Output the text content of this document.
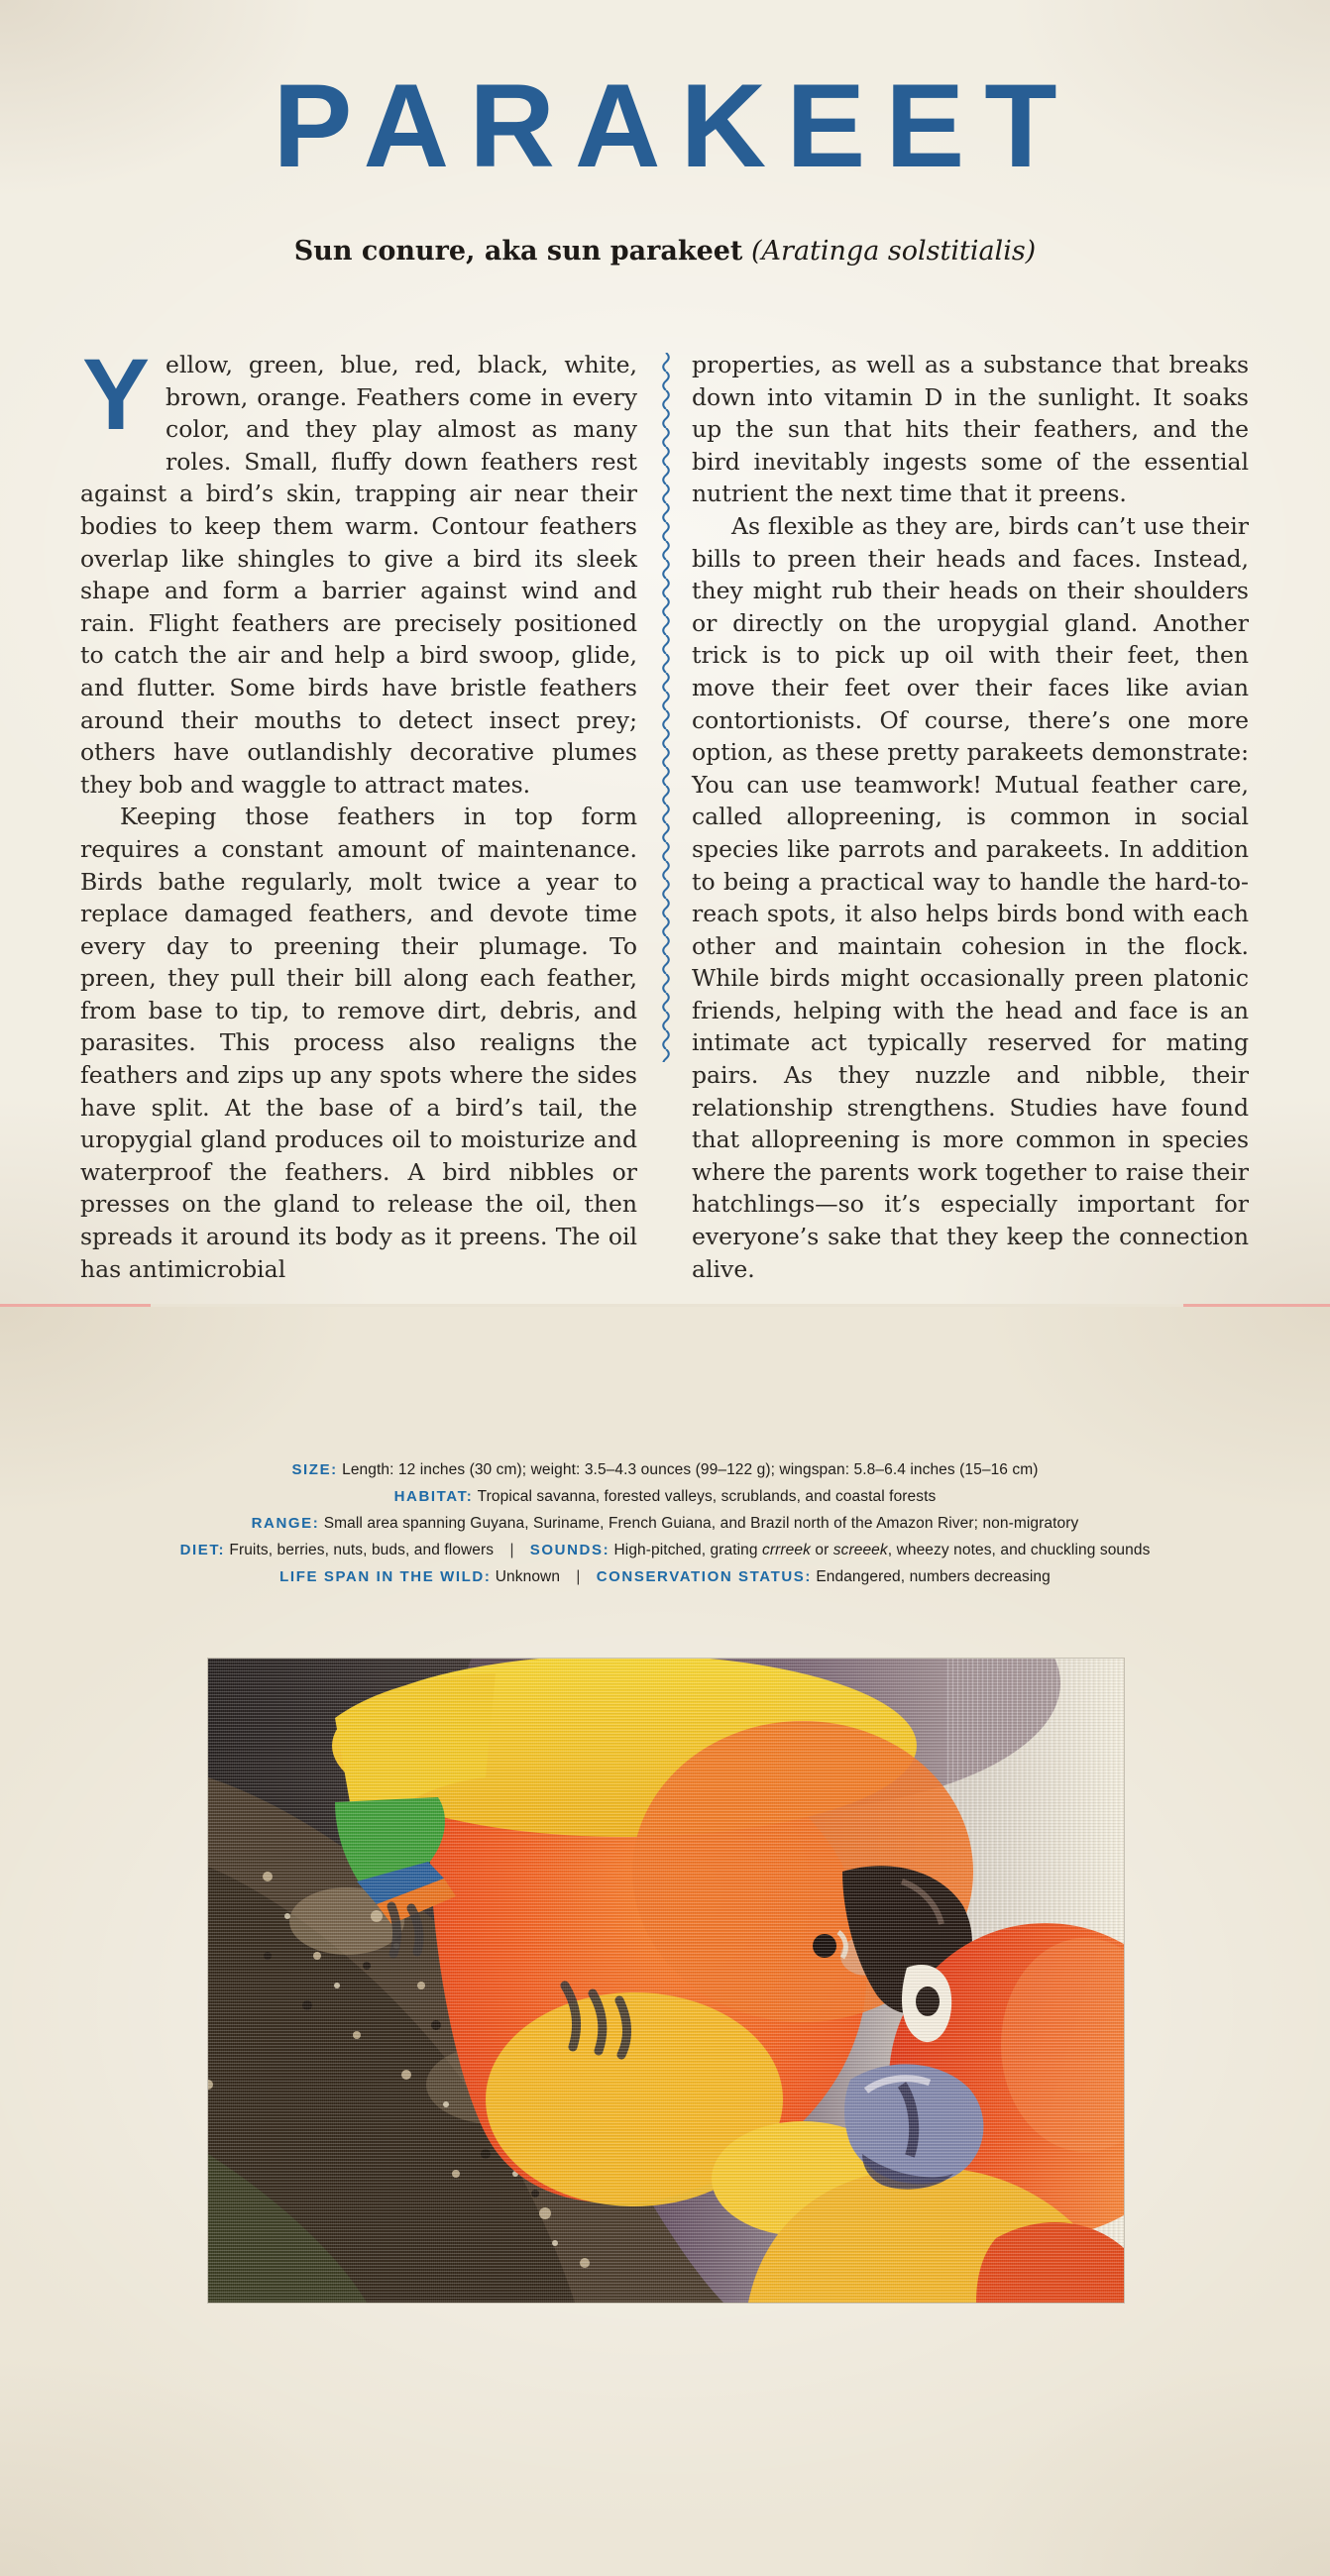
PARAKEET

Sun conure, aka sun parakeet (Aratinga solstitialis)

Yellow, green, blue, red, black, white, brown, orange. Feathers come in every color, and they play almost as many roles. Small, fluffy down feathers rest against a bird’s skin, trapping air near their bodies to keep them warm. Contour feathers overlap like shingles to give a bird its sleek shape and form a barrier against wind and rain. Flight feathers are precisely positioned to catch the air and help a bird swoop, glide, and flutter. Some birds have bristle feathers around their mouths to detect insect prey; others have outlandishly decorative plumes they bob and waggle to attract mates.

Keeping those feathers in top form requires a constant amount of maintenance. Birds bathe regularly, molt twice a year to replace damaged feathers, and devote time every day to preening their plumage. To preen, they pull their bill along each feather, from base to tip, to remove dirt, debris, and parasites. This process also realigns the feathers and zips up any spots where the sides have split. At the base of a bird’s tail, the uropygial gland produces oil to moisturize and waterproof the feathers. A bird nibbles or presses on the gland to release the oil, then spreads it around its body as it preens. The oil has antimicrobial

properties, as well as a substance that breaks down into vitamin D in the sunlight. It soaks up the sun that hits their feathers, and the bird inevitably ingests some of the essential nutrient the next time that it preens.

As flexible as they are, birds can’t use their bills to preen their heads and faces. Instead, they might rub their heads on their shoulders or directly on the uropygial gland. Another trick is to pick up oil with their feet, then move their feet over their faces like avian contortionists. Of course, there’s one more option, as these pretty parakeets demonstrate: You can use teamwork! Mutual feather care, called allopreening, is common in social species like parrots and parakeets. In addition to being a practical way to handle the hard-to-reach spots, it also helps birds bond with each other and maintain cohesion in the flock. While birds might occasionally preen platonic friends, helping with the head and face is an intimate act typically reserved for mating pairs. As they nuzzle and nibble, their relationship strengthens. Studies have found that allopreening is more common in species where the parents work together to raise their hatchlings—so it’s especially important for everyone’s sake that they keep the connection alive.

SIZE: Length: 12 inches (30 cm); weight: 3.5–4.3 ounces (99–122 g); wingspan: 5.8–6.4 inches (15–16 cm)
HABITAT: Tropical savanna, forested valleys, scrublands, and coastal forests
RANGE: Small area spanning Guyana, Suriname, French Guiana, and Brazil north of the Amazon River; non-migratory
DIET: Fruits, berries, nuts, buds, and flowers | SOUNDS: High-pitched, grating crrreek or screeek, wheezy notes, and chuckling sounds
LIFE SPAN IN THE WILD: Unknown | CONSERVATION STATUS: Endangered, numbers decreasing
